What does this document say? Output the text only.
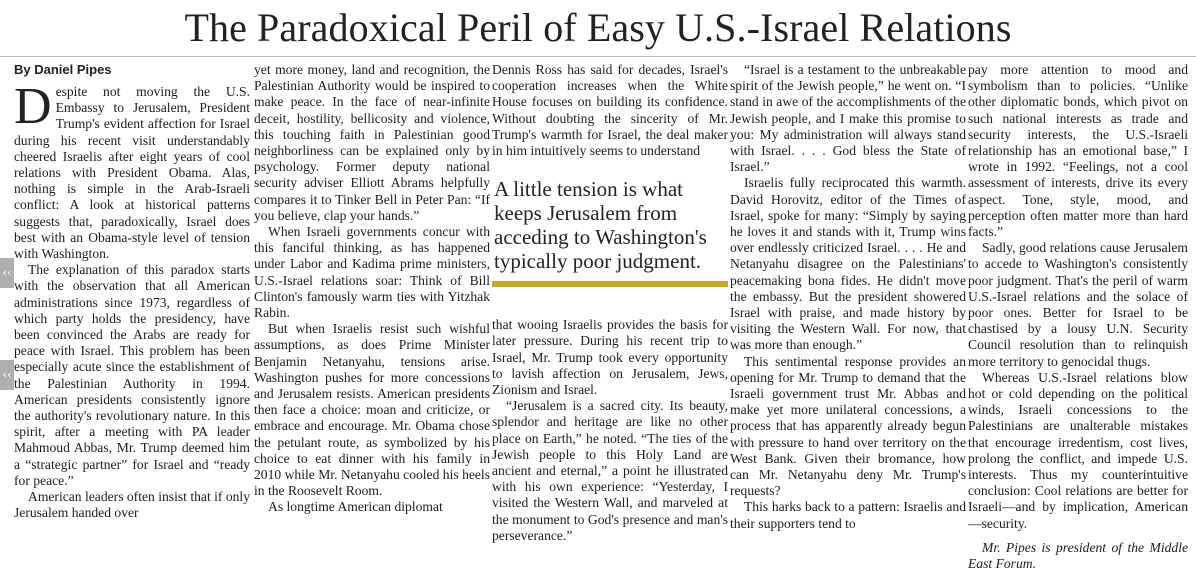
The Paradoxical Peril of Easy U.S.-Israel Relations
‹‹
‹‹
By Daniel Pipes

Despite not moving the U.S. Embassy to Jerusalem, President Trump's evident affection for Israel during his recent visit understandably cheered Israelis after eight years of cool relations with President Obama. Alas, nothing is simple in the Arab-Israeli conflict: A look at historical patterns suggests that, paradoxically, Israel does best with an Obama-style level of tension with Washington.

The explanation of this paradox starts with the observation that all American administrations since 1973, regardless of which party holds the presidency, have been convinced the Arabs are ready for peace with Israel. This problem has been especially acute since the establishment of the Palestinian Authority in 1994. American presidents consistently ignore the authority's revolutionary nature. In this spirit, after a meeting with PA leader Mahmoud Abbas, Mr. Trump deemed him a “strategic partner” for Israel and “ready for peace.”

American leaders often insist that if only Jerusalem handed over

yet more money, land and recognition, the Palestinian Authority would be inspired to make peace. In the face of near-infinite deceit, hostility, bellicosity and violence, this touching faith in Palestinian good neighborliness can be explained only by psychology. Former deputy national security adviser Elliott Abrams helpfully compares it to Tinker Bell in Peter Pan: “If you believe, clap your hands.”

When Israeli governments concur with this fanciful thinking, as has happened under Labor and Kadima prime ministers, U.S.-Israel relations soar: Think of Bill Clinton's famously warm ties with Yitzhak Rabin.

But when Israelis resist such wishful assumptions, as does Prime Minister Benjamin Netanyahu, tensions arise. Washington pushes for more concessions and Jerusalem resists. American presidents then face a choice: moan and criticize, or embrace and encourage. Mr. Obama chose the petulant route, as symbolized by his choice to eat dinner with his family in 2010 while Mr. Netanyahu cooled his heels in the Roosevelt Room.

As longtime American diplomat

Dennis Ross has said for decades, Israel's cooperation increases when the White House focuses on building its confidence. Without doubting the sincerity of Mr. Trump's warmth for Israel, the deal maker in him intuitively seems to understand

A little tension is what keeps Jerusalem from acceding to Washington's typically poor judgment.

that wooing Israelis provides the basis for later pressure. During his recent trip to Israel, Mr. Trump took every opportunity to lavish affection on Jerusalem, Jews, Zionism and Israel.

“Jerusalem is a sacred city. Its beauty, splendor and heritage are like no other place on Earth,” he noted. “The ties of the Jewish people to this Holy Land are ancient and eternal,” a point he illustrated with his own experience: “Yesterday, I visited the Western Wall, and marveled at the monument to God's presence and man's perseverance.”

“Israel is a testament to the unbreakable spirit of the Jewish people,” he went on. “I stand in awe of the accomplishments of the Jewish people, and I make this promise to you: My administration will always stand with Israel. . . . God bless the State of Israel.”

Israelis fully reciprocated this warmth. David Horovitz, editor of the Times of Israel, spoke for many: “Simply by saying he loves it and stands with it, Trump wins over endlessly criticized Israel. . . . He and Netanyahu disagree on the Palestinians' peacemaking bona fides. He didn't move the embassy. But the president showered Israel with praise, and made history by visiting the Western Wall. For now, that was more than enough.”

This sentimental response provides an opening for Mr. Trump to demand that the Israeli government trust Mr. Abbas and make yet more unilateral concessions, a process that has apparently already begun with pressure to hand over territory on the West Bank. Given their bromance, how can Mr. Netanyahu deny Mr. Trump's requests?

This harks back to a pattern: Israelis and their supporters tend to

pay more attention to mood and symbolism than to policies. “Unlike other diplomatic bonds, which pivot on such national interests as trade and security interests, the U.S.-Israeli relationship has an emotional base,” I wrote in 1992. “Feelings, not a cool assessment of interests, drive its every aspect. Tone, style, mood, and perception often matter more than hard facts.”

Sadly, good relations cause Jerusalem to accede to Washington's consistently poor judgment. That's the peril of warm U.S.-Israel relations and the solace of poor ones. Better for Israel to be chastised by a lousy U.N. Security Council resolution than to relinquish more territory to genocidal thugs.

Whereas U.S.-Israel relations blow hot or cold depending on the political winds, Israeli concessions to the Palestinians are unalterable mistakes that encourage irredentism, cost lives, prolong the conflict, and impede U.S. interests. Thus my counterintuitive conclusion: Cool relations are better for Israeli—and by implication, American—security.

Mr. Pipes is president of the Middle East Forum.
